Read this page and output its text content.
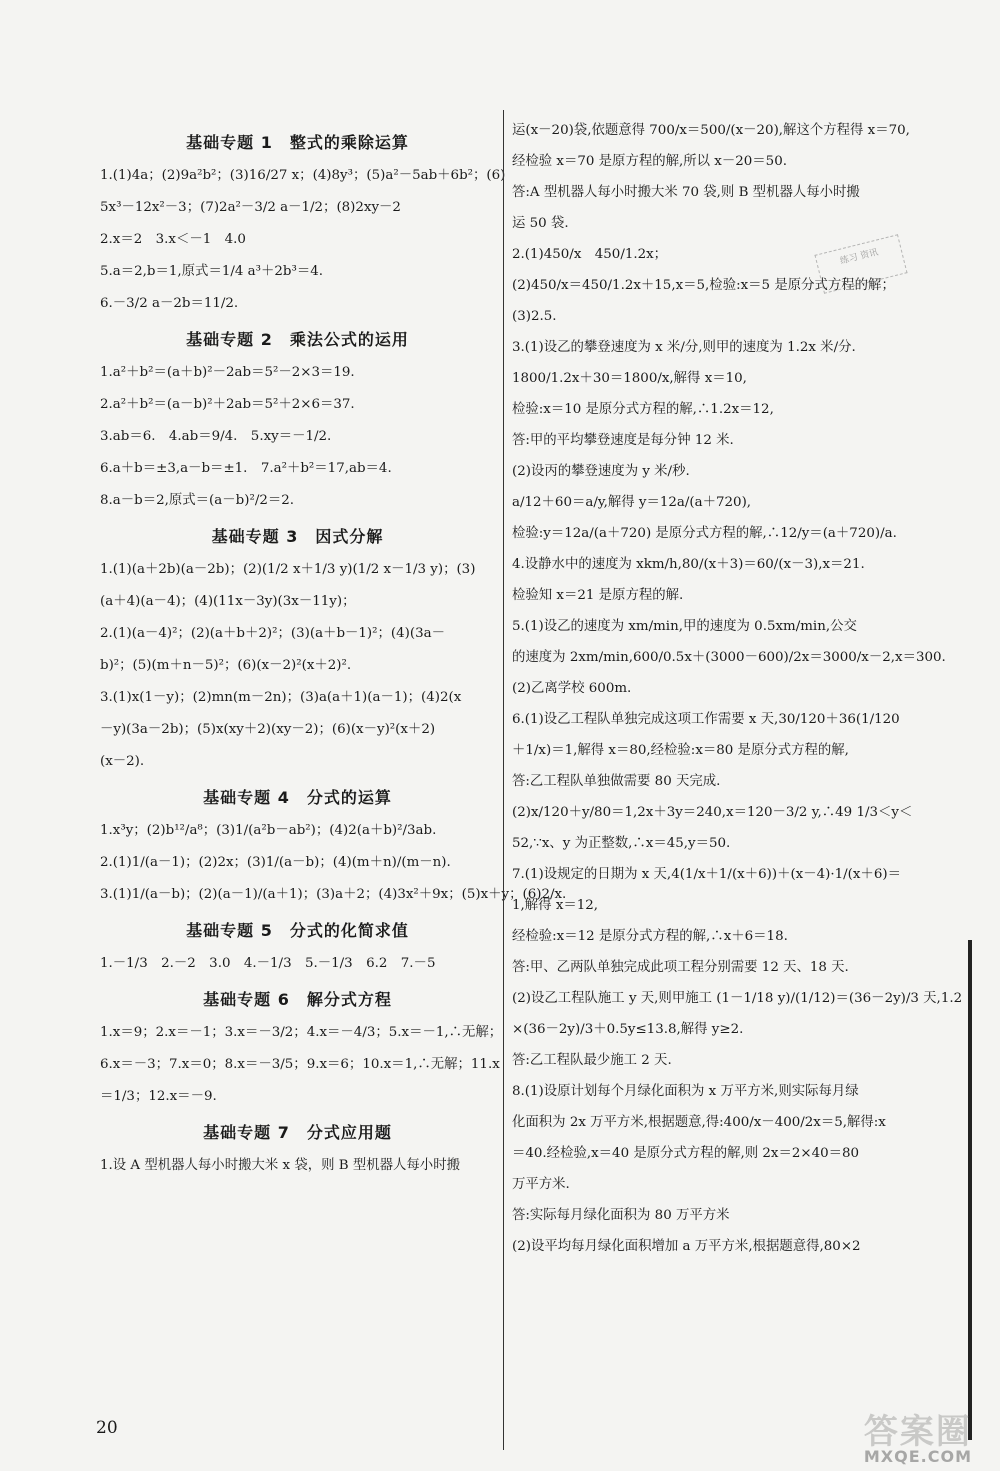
基础专题 1　整式的乘除运算
1.(1)4a；(2)9a²b²；(3)16/27 x；(4)8y³；(5)a²－5ab＋6b²；(6)
5x³－12x²－3；(7)2a²－3/2 a－1/2；(8)2xy－2
2.x＝2　3.x＜－1　4.0
5.a＝2,b＝1,原式＝1/4 a³＋2b³＝4.
6.－3/2 a－2b＝11/2.
基础专题 2　乘法公式的运用
1.a²＋b²＝(a＋b)²－2ab＝5²－2×3＝19.
2.a²＋b²＝(a－b)²＋2ab＝5²＋2×6＝37.
3.ab＝6.　4.ab＝9/4.　5.xy＝－1/2.
6.a＋b＝±3,a－b＝±1.　7.a²＋b²＝17,ab＝4.
8.a－b＝2,原式＝(a－b)²/2＝2.
基础专题 3　因式分解
1.(1)(a＋2b)(a－2b)；(2)(1/2 x＋1/3 y)(1/2 x－1/3 y)；(3)
(a＋4)(a－4)；(4)(11x－3y)(3x－11y)；
2.(1)(a－4)²；(2)(a＋b＋2)²；(3)(a＋b－1)²；(4)(3a－
b)²；(5)(m＋n－5)²；(6)(x－2)²(x＋2)².
3.(1)x(1－y)；(2)mn(m－2n)；(3)a(a＋1)(a－1)；(4)2(x
－y)(3a－2b)；(5)x(xy＋2)(xy－2)；(6)(x－y)²(x＋2)
(x－2).
基础专题 4　分式的运算
1.x³y；(2)b¹²/a⁸；(3)1/(a²b－ab²)；(4)2(a＋b)²/3ab.
2.(1)1/(a－1)；(2)2x；(3)1/(a－b)；(4)(m＋n)/(m－n).
3.(1)1/(a－b)；(2)(a－1)/(a＋1)；(3)a＋2；(4)3x²＋9x；(5)x＋y；(6)2/x.
基础专题 5　分式的化简求值
1.－1/3　2.－2　3.0　4.－1/3　5.－1/3　6.2　7.－5
基础专题 6　解分式方程
1.x＝9；2.x＝－1；3.x＝－3/2；4.x＝－4/3；5.x＝－1,∴无解；
6.x＝－3；7.x＝0；8.x＝－3/5；9.x＝6；10.x＝1,∴无解；11.x
＝1/3；12.x＝－9.
基础专题 7　分式应用题
1.设 A 型机器人每小时搬大米 x 袋，则 B 型机器人每小时搬
运(x－20)袋,依题意得 700/x＝500/(x－20),解这个方程得 x＝70,
经检验 x＝70 是原方程的解,所以 x－20＝50.
答:A 型机器人每小时搬大米 70 袋,则 B 型机器人每小时搬
运 50 袋.
2.(1)450/x　450/1.2x；
(2)450/x＝450/1.2x＋15,x＝5,检验:x＝5 是原分式方程的解；
(3)2.5.
3.(1)设乙的攀登速度为 x 米/分,则甲的速度为 1.2x 米/分.
1800/1.2x＋30＝1800/x,解得 x＝10,
检验:x＝10 是原分式方程的解,∴1.2x＝12,
答:甲的平均攀登速度是每分钟 12 米.
(2)设丙的攀登速度为 y 米/秒.
a/12＋60＝a/y,解得 y＝12a/(a＋720),
检验:y＝12a/(a＋720) 是原分式方程的解,∴12/y＝(a＋720)/a.
4.设静水中的速度为 xkm/h,80/(x＋3)＝60/(x－3),x＝21.
检验知 x＝21 是原方程的解.
5.(1)设乙的速度为 xm/min,甲的速度为 0.5xm/min,公交
的速度为 2xm/min,600/0.5x＋(3000－600)/2x＝3000/x－2,x＝300.
(2)乙离学校 600m.
6.(1)设乙工程队单独完成这项工作需要 x 天,30/120＋36(1/120
＋1/x)＝1,解得 x＝80,经检验:x＝80 是原分式方程的解,
答:乙工程队单独做需要 80 天完成.
(2)x/120＋y/80＝1,2x＋3y＝240,x＝120－3/2 y,∴49 1/3＜y＜
52,∵x、y 为正整数,∴x＝45,y＝50.
7.(1)设规定的日期为 x 天,4(1/x＋1/(x＋6))＋(x－4)·1/(x＋6)＝
1,解得 x＝12,
经检验:x＝12 是原分式方程的解,∴x＋6＝18.
答:甲、乙两队单独完成此项工程分别需要 12 天、18 天.
(2)设乙工程队施工 y 天,则甲施工 (1－1/18 y)/(1/12)＝(36－2y)/3 天,1.2
×(36－2y)/3＋0.5y≤13.8,解得 y≥2.
答:乙工程队最少施工 2 天.
8.(1)设原计划每个月绿化面积为 x 万平方米,则实际每月绿
化面积为 2x 万平方米,根据题意,得:400/x－400/2x＝5,解得:x
＝40.经检验,x＝40 是原分式方程的解,则 2x＝2×40＝80
万平方米.
答:实际每月绿化面积为 80 万平方米
(2)设平均每月绿化面积增加 a 万平方米,根据题意得,80×2
练习 资讯
20	答案圈
MXQE.COM
